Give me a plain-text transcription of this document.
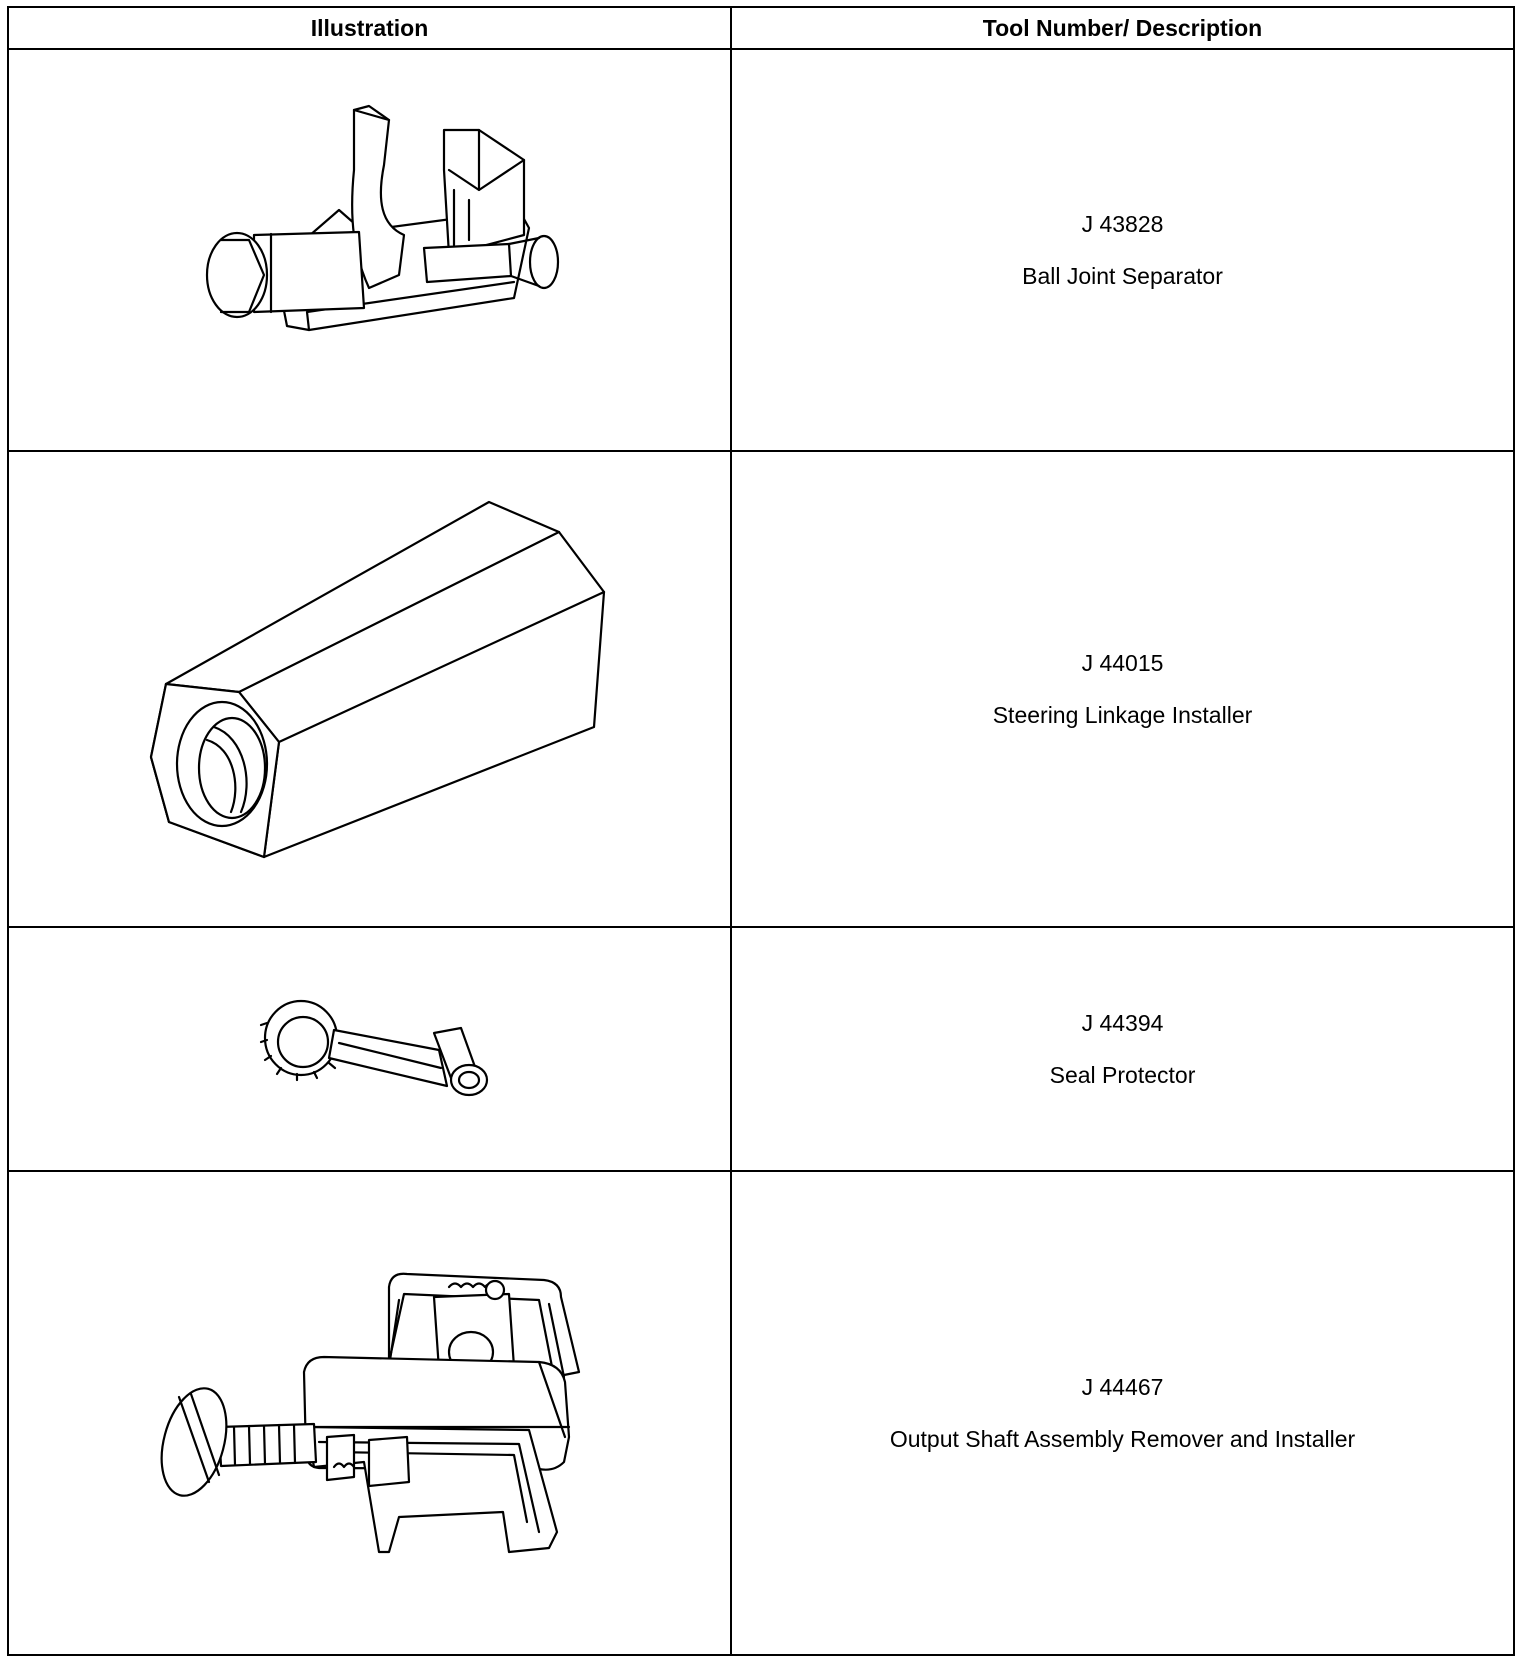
Illustration	Tool Number/ Description

J 43828
Ball Joint Separator

J 44015
Steering Linkage Installer

J 44394
Seal Protector

J 44467
Output Shaft Assembly Remover and Installer
